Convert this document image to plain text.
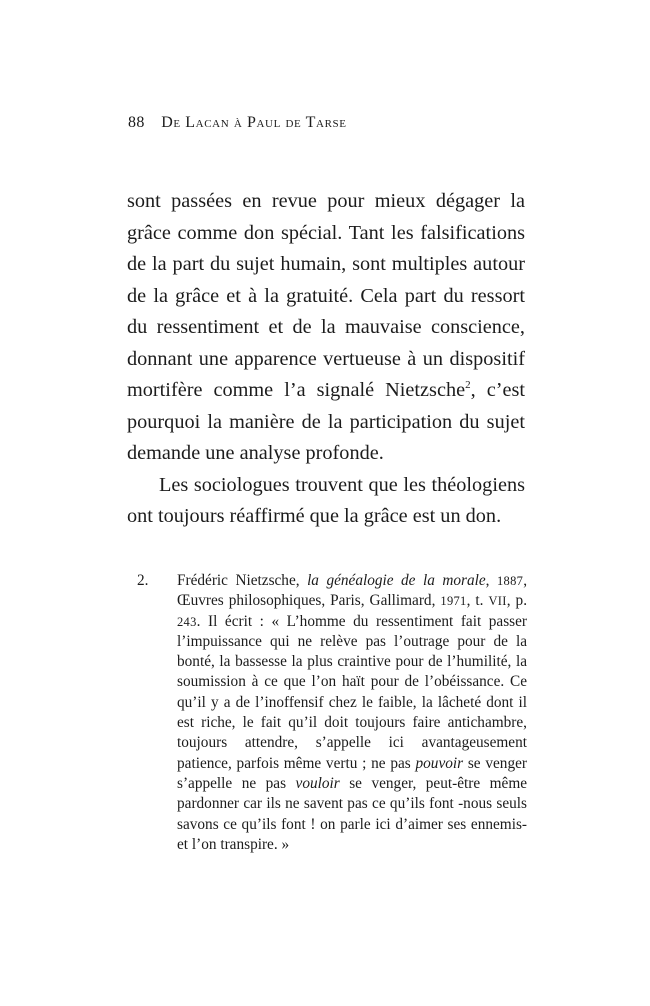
88 De Lacan à Paul de Tarse

sont passées en revue pour mieux dégager la grâce comme don spécial. Tant les falsifications de la part du sujet humain, sont multiples autour de la grâce et à la gratuité. Cela part du ressort du ressentiment et de la mauvaise conscience, donnant une apparence vertueuse à un dispositif mortifère comme l’a signalé Nietzsche$^2$, c’est pourquoi la manière de la participation du sujet demande une analyse profonde.

Les sociologues trouvent que les théologiens ont toujours réaffirmé que la grâce est un don.

2.	Frédéric Nietzsche, la généalogie de la morale, 1887, Œuvres philosophiques, Paris, Gallimard, 1971, t. VII, p. 243. Il écrit : « L’homme du ressentiment fait passer l’impuissance qui ne relève pas l’outrage pour de la bonté, la bassesse la plus craintive pour de l’humilité, la soumission à ce que l’on haït pour de l’obéissance. Ce qu’il y a de l’inoffensif chez le faible, la lâcheté dont il est riche, le fait qu’il doit toujours faire antichambre, toujours attendre, s’appelle ici avantageusement patience, parfois même vertu ; ne pas pouvoir se venger s’appelle ne pas vouloir se venger, peut-être même pardonner car ils ne savent pas ce qu’ils font -nous seuls savons ce qu’ils font ! on parle ici d’aimer ses ennemis- et l’on transpire. »
